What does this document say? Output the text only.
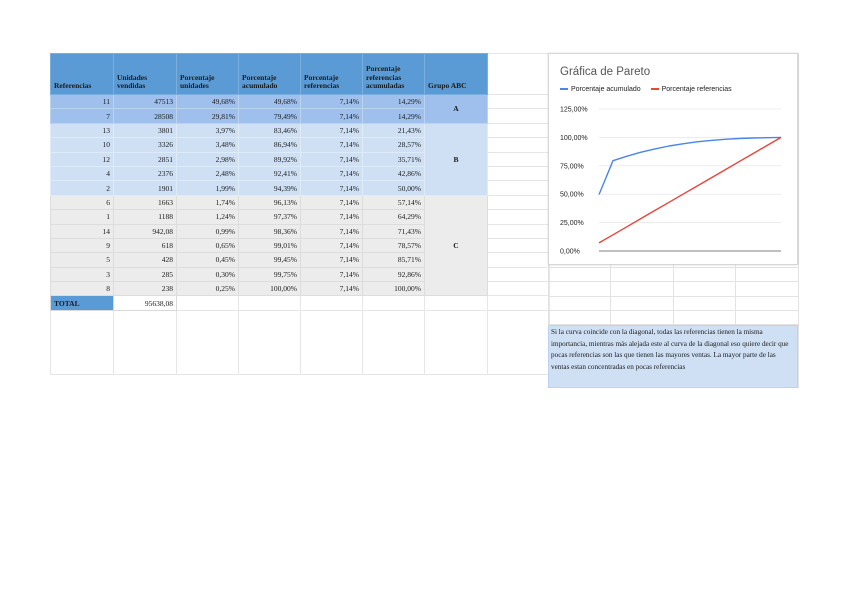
Referencias	Unidades vendidas	Porcentaje unidades	Porcentaje acumulado	Porcentaje referencias	Porcentaje referencias acumuladas	Grupo ABC	
11	47513	49,68%	49,68%	7,14%	14,29%	A	
7	28508	29,81%	79,49%	7,14%	14,29%		
13	3801	3,97%	83,46%	7,14%	21,43%	B	
10	3326	3,48%	86,94%	7,14%	28,57%		
12	2851	2,98%	89,92%	7,14%	35,71%		
4	2376	2,48%	92,41%	7,14%	42,86%		
2	1901	1,99%	94,39%	7,14%	50,00%		
6	1663	1,74%	96,13%	7,14%	57,14%	C	
1	1188	1,24%	97,37%	7,14%	64,29%		
14	942,08	0,99%	98,36%	7,14%	71,43%		
9	618	0,65%	99,01%	7,14%	78,57%		
5	428	0,45%	99,45%	7,14%	85,71%		
3	285	0,30%	99,75%	7,14%	92,86%		
8	238	0,25%	100,00%	7,14%	100,00%		
TOTAL	95638,08						

Gráfica de Pareto
Porcentaje acumulado	Porcentaje referencias
0,00%
25,00%
50,00%
75,00%
100,00%
125,00%
Si la curva coincide con la diagonal, todas las referencias tienen la misma importancia, mientras más alejada este al curva de la diagonal eso quiere decir que pocas referencias son las que tienen las mayores ventas. La mayor parte de las ventas estan concentradas en pocas referencias
